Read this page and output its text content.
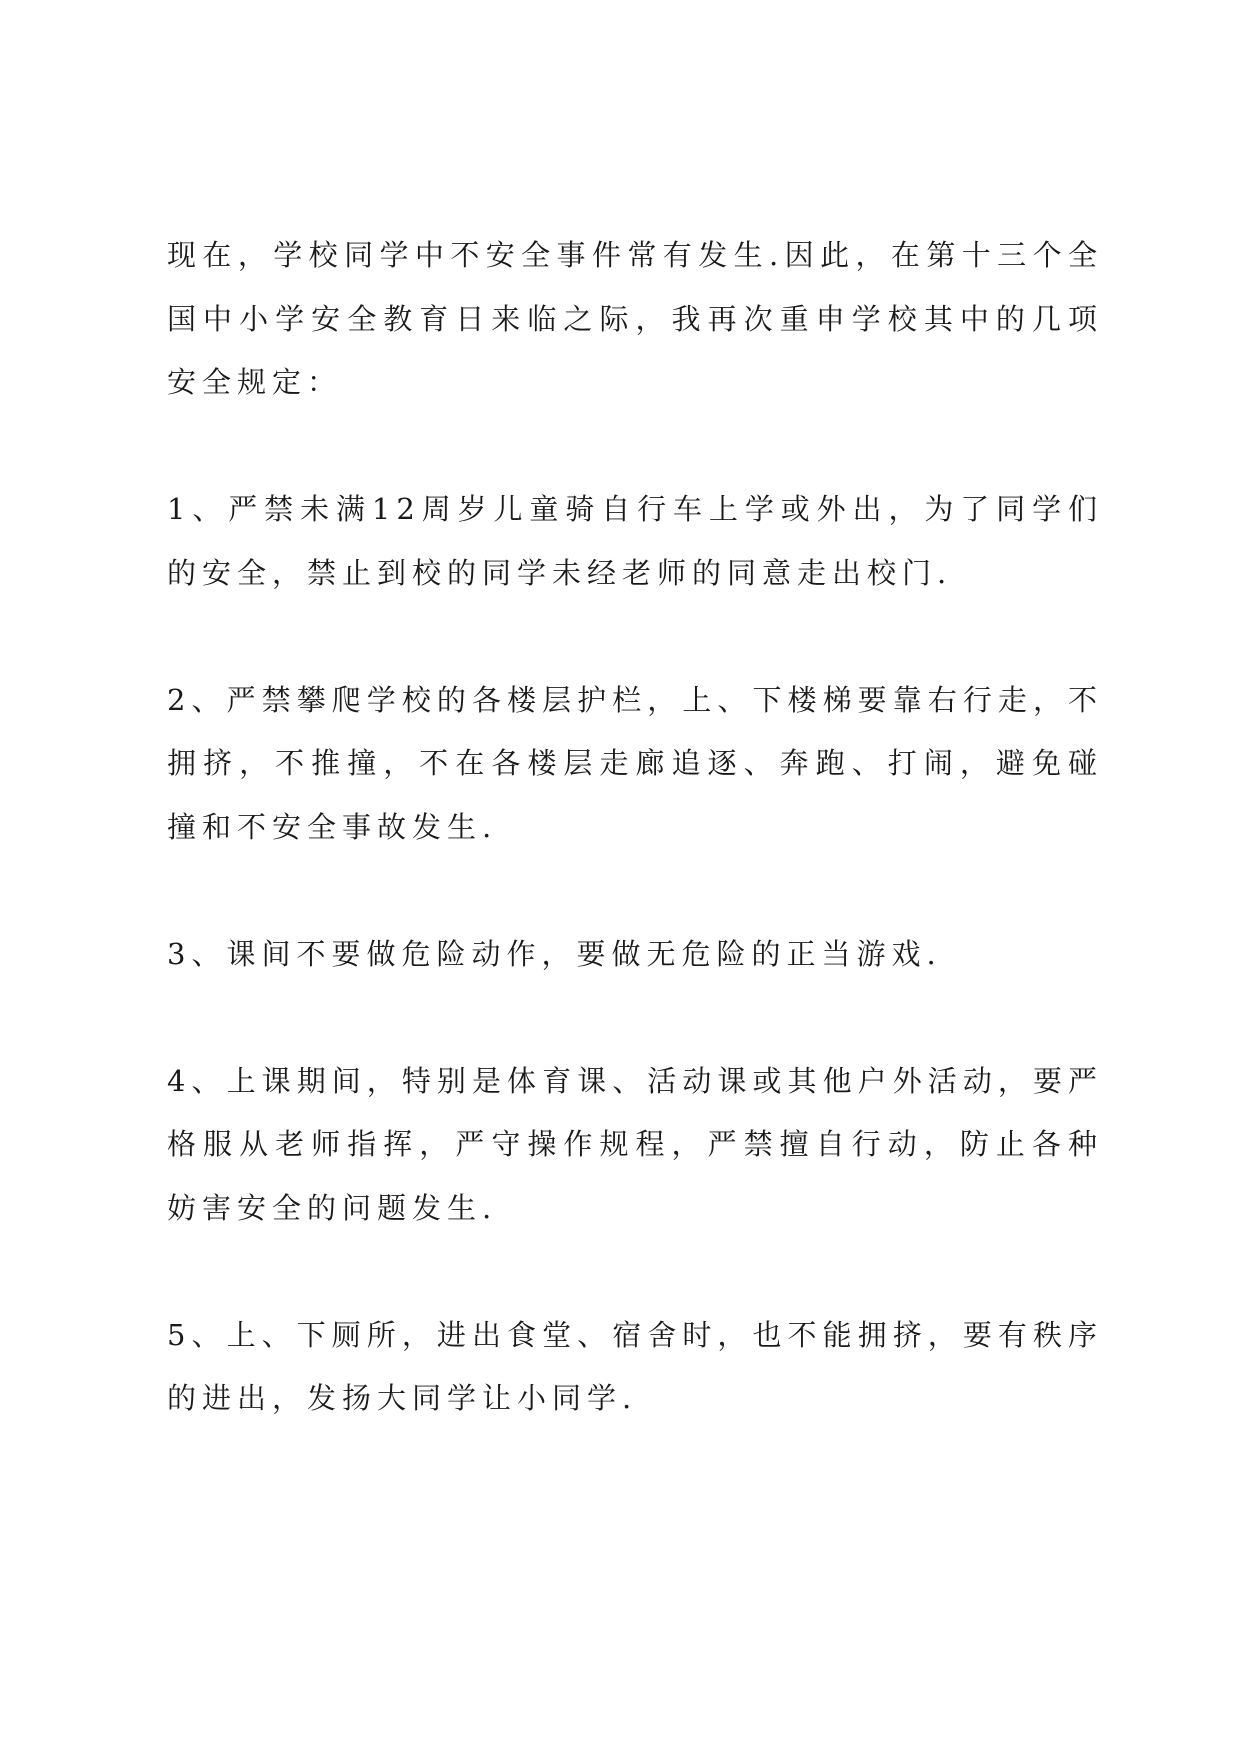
现在，学校同学中不安全事件常有发生.因此，在第十三个全国中小学安全教育日来临之际，我再次重申学校其中的几项安全规定：

1、严禁未满12周岁儿童骑自行车上学或外出，为了同学们的安全，禁止到校的同学未经老师的同意走出校门.

2、严禁攀爬学校的各楼层护栏，上、下楼梯要靠右行走，不拥挤，不推撞，不在各楼层走廊追逐、奔跑、打闹，避免碰撞和不安全事故发生.

3、课间不要做危险动作，要做无危险的正当游戏.

4、上课期间，特别是体育课、活动课或其他户外活动，要严格服从老师指挥，严守操作规程，严禁擅自行动，防止各种妨害安全的问题发生.

5、上、下厕所，进出食堂、宿舍时，也不能拥挤，要有秩序的进出，发扬大同学让小同学.
